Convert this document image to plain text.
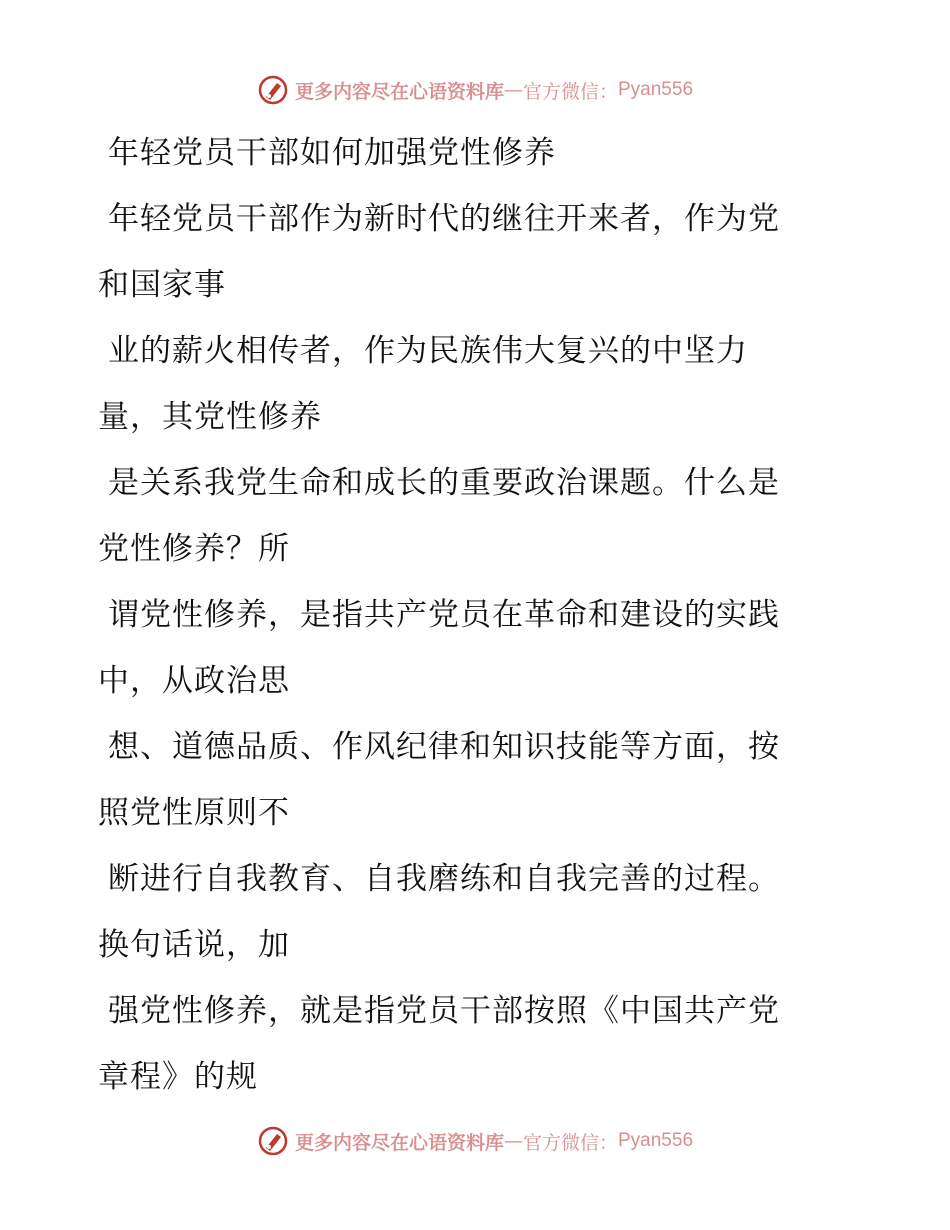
更多内容尽在心语资料库 — 官方微信： Pyan556
年轻党员干部如何加强党性修养
年轻党员干部作为新时代的继往开来者，作为党
和国家事
业的薪火相传者，作为民族伟大复兴的中坚力
量，其党性修养
是关系我党生命和成长的重要政治课题。什么是
党性修养？所
谓党性修养，是指共产党员在革命和建设的实践
中，从政治思
想、道德品质、作风纪律和知识技能等方面，按
照党性原则不
断进行自我教育、自我磨练和自我完善的过程。
换句话说，加
强党性修养，就是指党员干部按照《中国共产党
章程》的规
更多内容尽在心语资料库 — 官方微信： Pyan556
